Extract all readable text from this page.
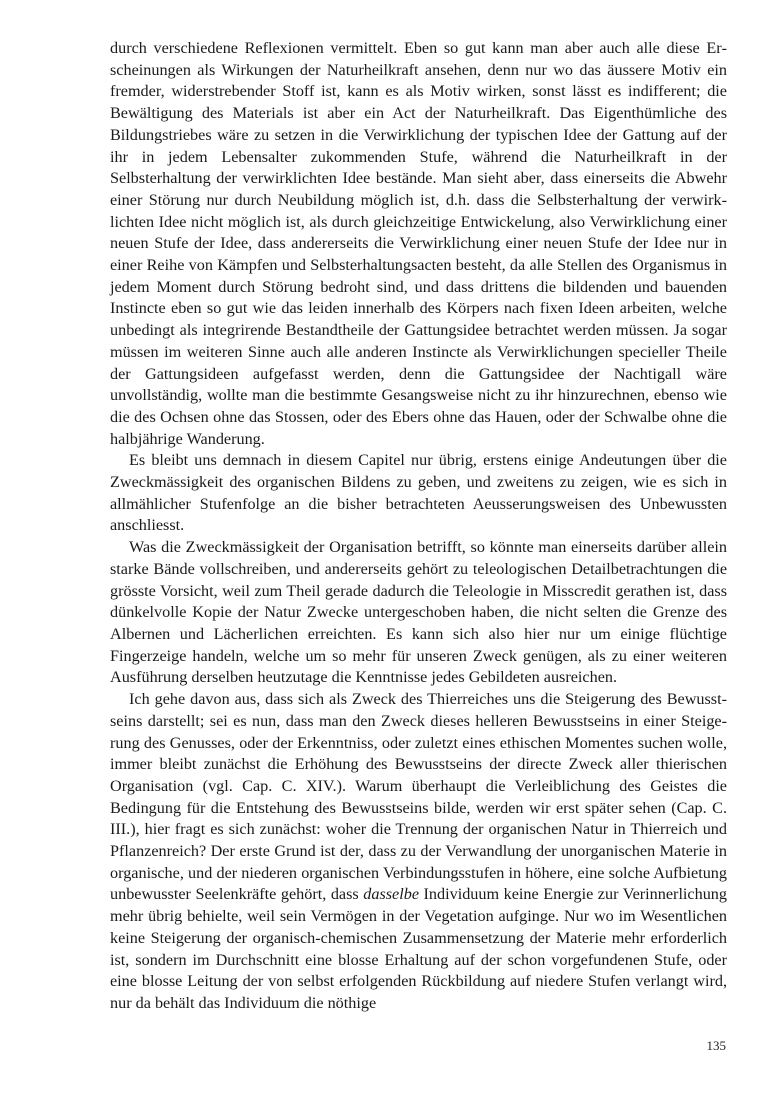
durch verschiedene Reflexionen vermittelt. Eben so gut kann man aber auch alle diese Erscheinungen als Wirkungen der Naturheilkraft ansehen, denn nur wo das äussere Motiv ein fremder, widerstrebender Stoff ist, kann es als Motiv wirken, sonst lässt es indifferent; die Bewältigung des Materials ist aber ein Act der Naturheilkraft. Das Eigenthümliche des Bildungstriebes wäre zu setzen in die Verwirklichung der typischen Idee der Gattung auf der ihr in jedem Lebensalter zukommenden Stufe, während die Naturheilkraft in der Selbsterhaltung der verwirklichten Idee bestände. Man sieht aber, dass einerseits die Abwehr einer Störung nur durch Neubildung möglich ist, d.h. dass die Selbsterhaltung der verwirklichten Idee nicht möglich ist, als durch gleichzeitige Entwickelung, also Verwirklichung einer neuen Stufe der Idee, dass andererseits die Verwirklichung einer neuen Stufe der Idee nur in einer Reihe von Kämpfen und Selbsterhaltungsacten besteht, da alle Stellen des Organismus in jedem Moment durch Störung bedroht sind, und dass drittens die bildenden und bauenden Instincte eben so gut wie das leiden innerhalb des Körpers nach fixen Ideen arbeiten, welche unbedingt als integrirende Bestandtheile der Gattungsidee betrachtet werden müssen. Ja sogar müssen im weiteren Sinne auch alle anderen Instincte als Verwirklichungen specieller Theile der Gattungsideen aufgefasst werden, denn die Gattungsidee der Nachtigall wäre unvollständig, wollte man die bestimmte Gesangsweise nicht zu ihr hinzurechnen, ebenso wie die des Ochsen ohne das Stossen, oder des Ebers ohne das Hauen, oder der Schwalbe ohne die halbjährige Wanderung.

Es bleibt uns demnach in diesem Capitel nur übrig, erstens einige Andeutungen über die Zweckmässigkeit des organischen Bildens zu geben, und zweitens zu zeigen, wie es sich in allmählicher Stufenfolge an die bisher betrachteten Aeusserungsweisen des Unbewussten anschliesst.

Was die Zweckmässigkeit der Organisation betrifft, so könnte man einerseits darüber allein starke Bände vollschreiben, und andererseits gehört zu teleologischen Detailbetrachtungen die grösste Vorsicht, weil zum Theil gerade dadurch die Teleologie in Misscredit gerathen ist, dass dünkelvolle Kopie der Natur Zwecke untergeschoben haben, die nicht selten die Grenze des Albernen und Lächerlichen erreichten. Es kann sich also hier nur um einige flüchtige Fingerzeige handeln, welche um so mehr für unseren Zweck genügen, als zu einer weiteren Ausführung derselben heutzutage die Kenntnisse jedes Gebildeten ausreichen.

Ich gehe davon aus, dass sich als Zweck des Thierreiches uns die Steigerung des Bewusstseins darstellt; sei es nun, dass man den Zweck dieses helleren Bewusstseins in einer Steigerung des Genusses, oder der Erkenntniss, oder zuletzt eines ethischen Momentes suchen wolle, immer bleibt zunächst die Erhöhung des Bewusstseins der directe Zweck aller thierischen Organisation (vgl. Cap. C. XIV.). Warum überhaupt die Verleiblichung des Geistes die Bedingung für die Entstehung des Bewusstseins bilde, werden wir erst später sehen (Cap. C. III.), hier fragt es sich zunächst: woher die Trennung der organischen Natur in Thierreich und Pflanzenreich? Der erste Grund ist der, dass zu der Verwandlung der unorganischen Materie in organische, und der niederen organischen Verbindungsstufen in höhere, eine solche Aufbietung unbewusster Seelenkräfte gehört, dass dasselbe Individuum keine Energie zur Verinnerlichung mehr übrig behielte, weil sein Vermögen in der Vegetation aufginge. Nur wo im Wesentlichen keine Steigerung der organisch-chemischen Zusammensetzung der Materie mehr erforderlich ist, sondern im Durchschnitt eine blosse Erhaltung auf der schon vorgefundenen Stufe, oder eine blosse Leitung der von selbst erfolgenden Rückbildung auf niedere Stufen verlangt wird, nur da behält das Individuum die nöthige

135
